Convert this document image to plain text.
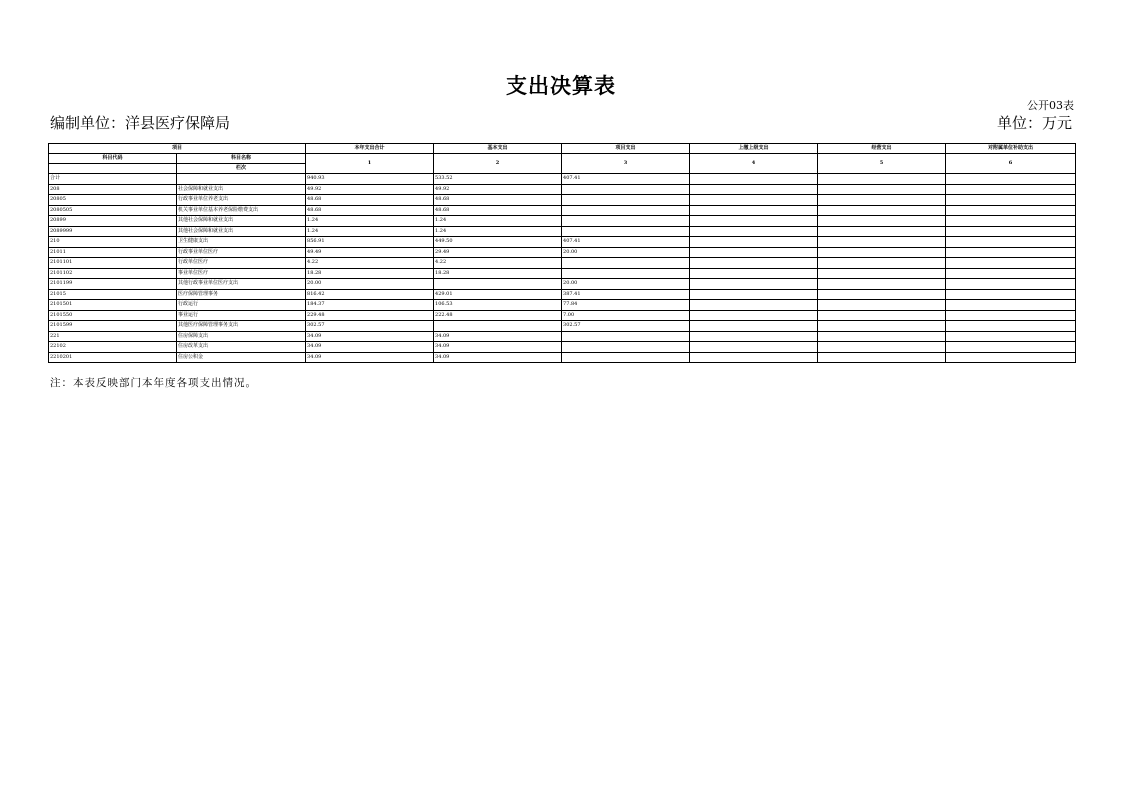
支出决算表
公开03表
编制单位：洋县医疗保障局	单位：万元
项目		本年支出合计	基本支出	项目支出	上缴上级支出	经营支出	对附属单位补助支出
科目代码	科目名称	1	2	3	4	5	6
	栏次						
合计		940.93	533.52	407.41			
208	社会保障和就业支出	49.92	49.92				
20805	行政事业单位养老支出	48.68	48.68				
2080505	机关事业单位基本养老保险缴费支出	48.68	48.68				
20899	其他社会保障和就业支出	1.24	1.24				
2089999	其他社会保障和就业支出	1.24	1.24				
210	卫生健康支出	856.91	449.50	407.41			
21011	行政事业单位医疗	49.49	29.49	20.00			
2101101	行政单位医疗	4.22	4.22				
2101102	事业单位医疗	18.28	18.28				
2101199	其他行政事业单位医疗支出	20.00		20.00			
21015	医疗保障管理事务	816.42	429.01	387.41			
2101501	行政运行	184.37	106.53	77.84			
2101550	事业运行	229.48	222.48	7.00			
2101599	其他医疗保障管理事务支出	302.57		302.57			
221	住房保障支出	34.09	34.09				
22102	住房改革支出	34.09	34.09				
2210201	住房公积金	34.09	34.09				
注：本表反映部门本年度各项支出情况。
